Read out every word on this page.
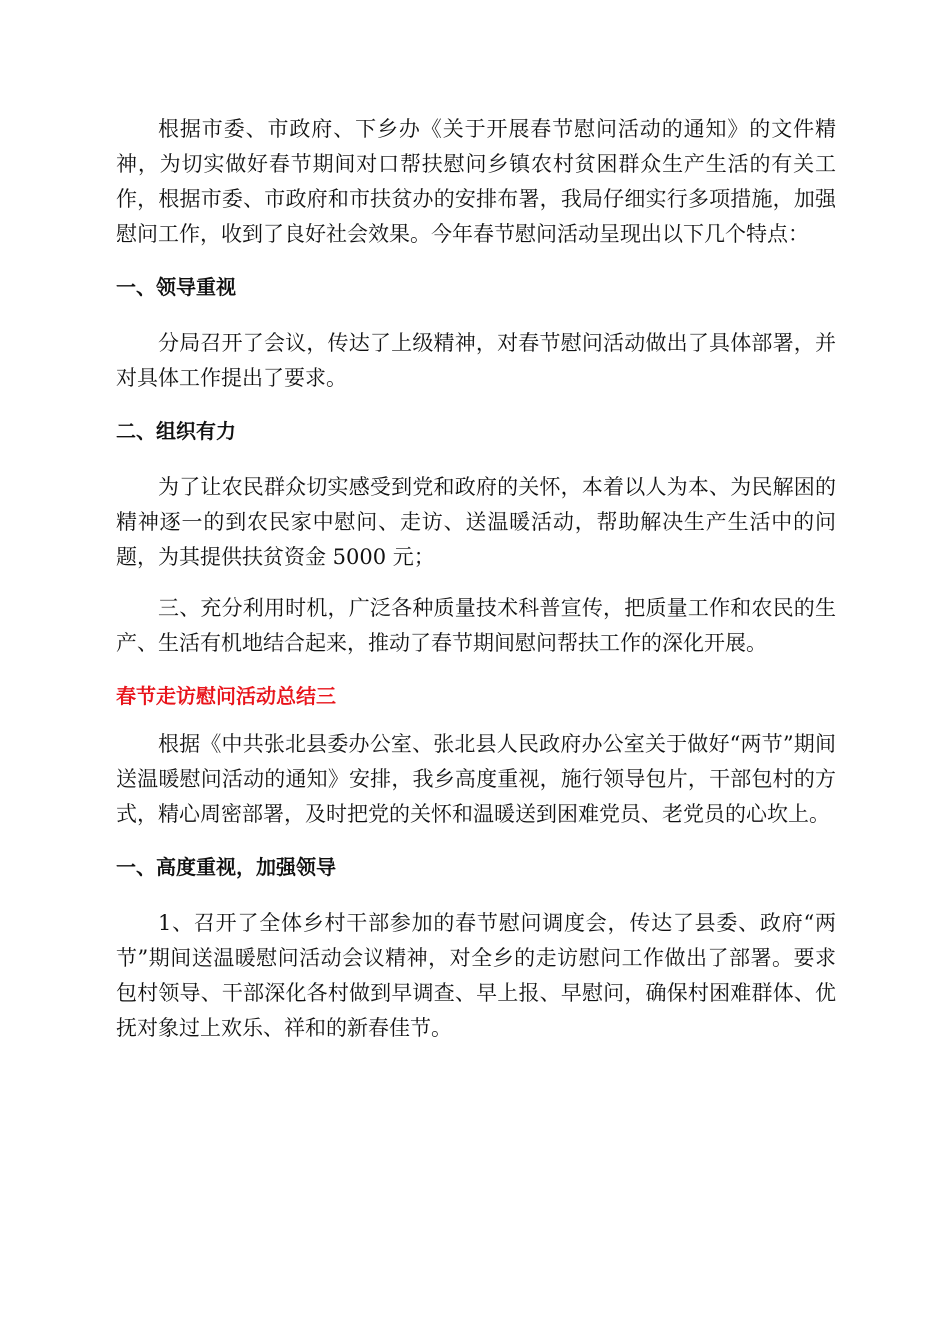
根据市委、市政府、下乡办《关于开展春节慰问活动的通知》的文件精神，为切实做好春节期间对口帮扶慰问乡镇农村贫困群众生产生活的有关工作，根据市委、市政府和市扶贫办的安排布署，我局仔细实行多项措施，加强慰问工作，收到了良好社会效果。今年春节慰问活动呈现出以下几个特点：

一、领导重视

分局召开了会议，传达了上级精神，对春节慰问活动做出了具体部署，并对具体工作提出了要求。

二、组织有力

为了让农民群众切实感受到党和政府的关怀，本着以人为本、为民解困的精神逐一的到农民家中慰问、走访、送温暖活动，帮助解决生产生活中的问题，为其提供扶贫资金 5000 元；

三、充分利用时机，广泛各种质量技术科普宣传，把质量工作和农民的生产、生活有机地结合起来，推动了春节期间慰问帮扶工作的深化开展。

春节走访慰问活动总结三

根据《中共张北县委办公室、张北县人民政府办公室关于做好“两节”期间送温暖慰问活动的通知》安排，我乡高度重视，施行领导包片，干部包村的方式，精心周密部署，及时把党的关怀和温暖送到困难党员、老党员的心坎上。

一、高度重视，加强领导

1、召开了全体乡村干部参加的春节慰问调度会，传达了县委、政府“两节”期间送温暖慰问活动会议精神，对全乡的走访慰问工作做出了部署。要求包村领导、干部深化各村做到早调查、早上报、早慰问，确保村困难群体、优抚对象过上欢乐、祥和的新春佳节。
